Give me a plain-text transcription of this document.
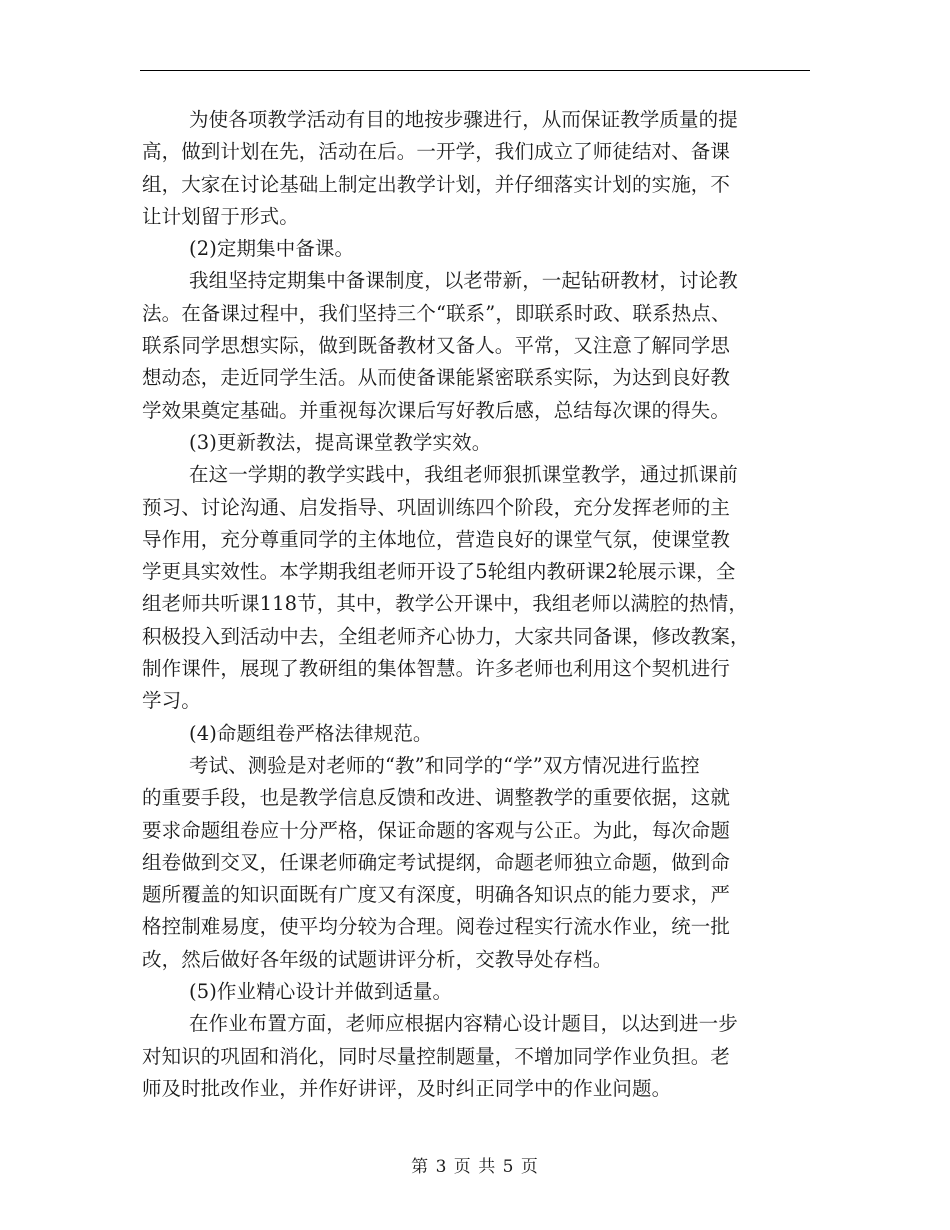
为使各项教学活动有目的地按步骤进行，从而保证教学质量的提
高，做到计划在先，活动在后。一开学，我们成立了师徒结对、备课
组，大家在讨论基础上制定出教学计划，并仔细落实计划的实施，不
让计划留于形式。
(2)定期集中备课。
我组坚持定期集中备课制度，以老带新，一起钻研教材，讨论教
法。在备课过程中，我们坚持三个“联系”，即联系时政、联系热点、
联系同学思想实际，做到既备教材又备人。平常，又注意了解同学思
想动态，走近同学生活。从而使备课能紧密联系实际，为达到良好教
学效果奠定基础。并重视每次课后写好教后感，总结每次课的得失。
(3)更新教法，提高课堂教学实效。
在这一学期的教学实践中，我组老师狠抓课堂教学，通过抓课前
预习、讨论沟通、启发指导、巩固训练四个阶段，充分发挥老师的主
导作用，充分尊重同学的主体地位，营造良好的课堂气氛，使课堂教
学更具实效性。本学期我组老师开设了5轮组内教研课2轮展示课，全
组老师共听课118节，其中，教学公开课中，我组老师以满腔的热情，
积极投入到活动中去，全组老师齐心协力，大家共同备课，修改教案，
制作课件，展现了教研组的集体智慧。许多老师也利用这个契机进行
学习。
(4)命题组卷严格法律规范。
考试、测验是对老师的“教”和同学的“学”双方情况进行监控
的重要手段，也是教学信息反馈和改进、调整教学的重要依据，这就
要求命题组卷应十分严格，保证命题的客观与公正。为此，每次命题
组卷做到交叉，任课老师确定考试提纲，命题老师独立命题，做到命
题所覆盖的知识面既有广度又有深度，明确各知识点的能力要求，严
格控制难易度，使平均分较为合理。阅卷过程实行流水作业，统一批
改，然后做好各年级的试题讲评分析，交教导处存档。
(5)作业精心设计并做到适量。
在作业布置方面，老师应根据内容精心设计题目，以达到进一步
对知识的巩固和消化，同时尽量控制题量，不增加同学作业负担。老
师及时批改作业，并作好讲评，及时纠正同学中的作业问题。
第 3 页 共 5 页
